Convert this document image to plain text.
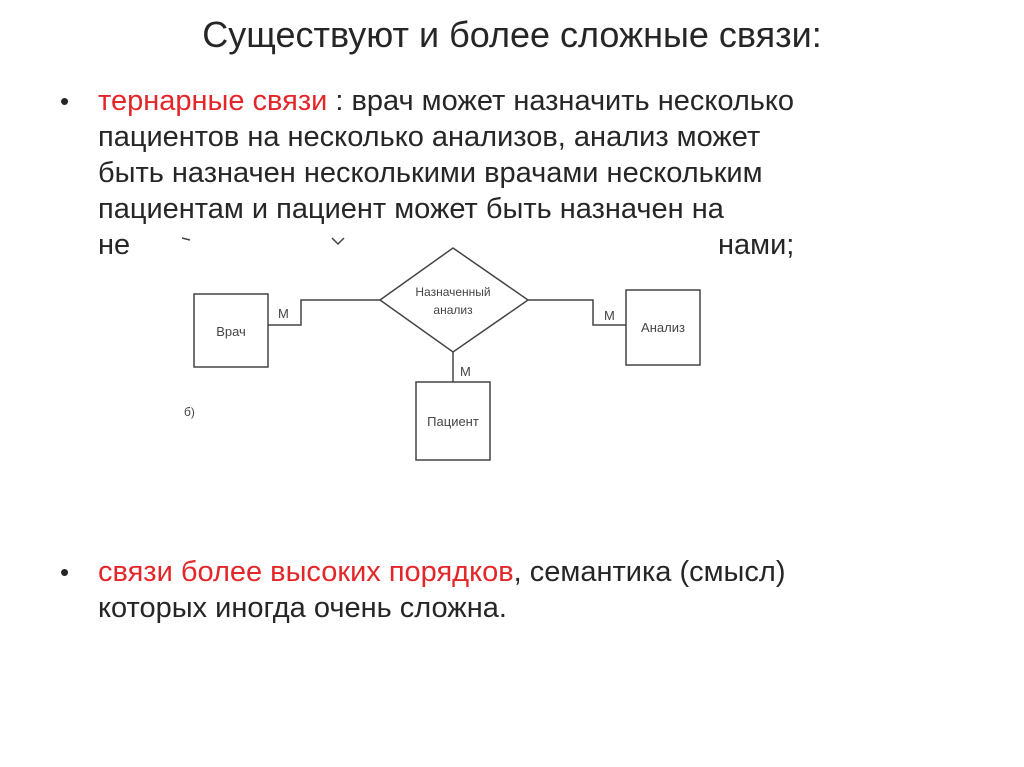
Существуют и более сложные связи:
• тернарные связи : врач может назначить несколько
пациентов на несколько анализов, анализ может
быть назначен несколькими врачами нескольким
пациентам и пациент может быть назначен на
не	нами;
М	М
М
Врач	Анализ
Пациент
Назначенный
анализ
б)
• связи более высоких порядков, семантика (смысл)
которых иногда очень сложна.
